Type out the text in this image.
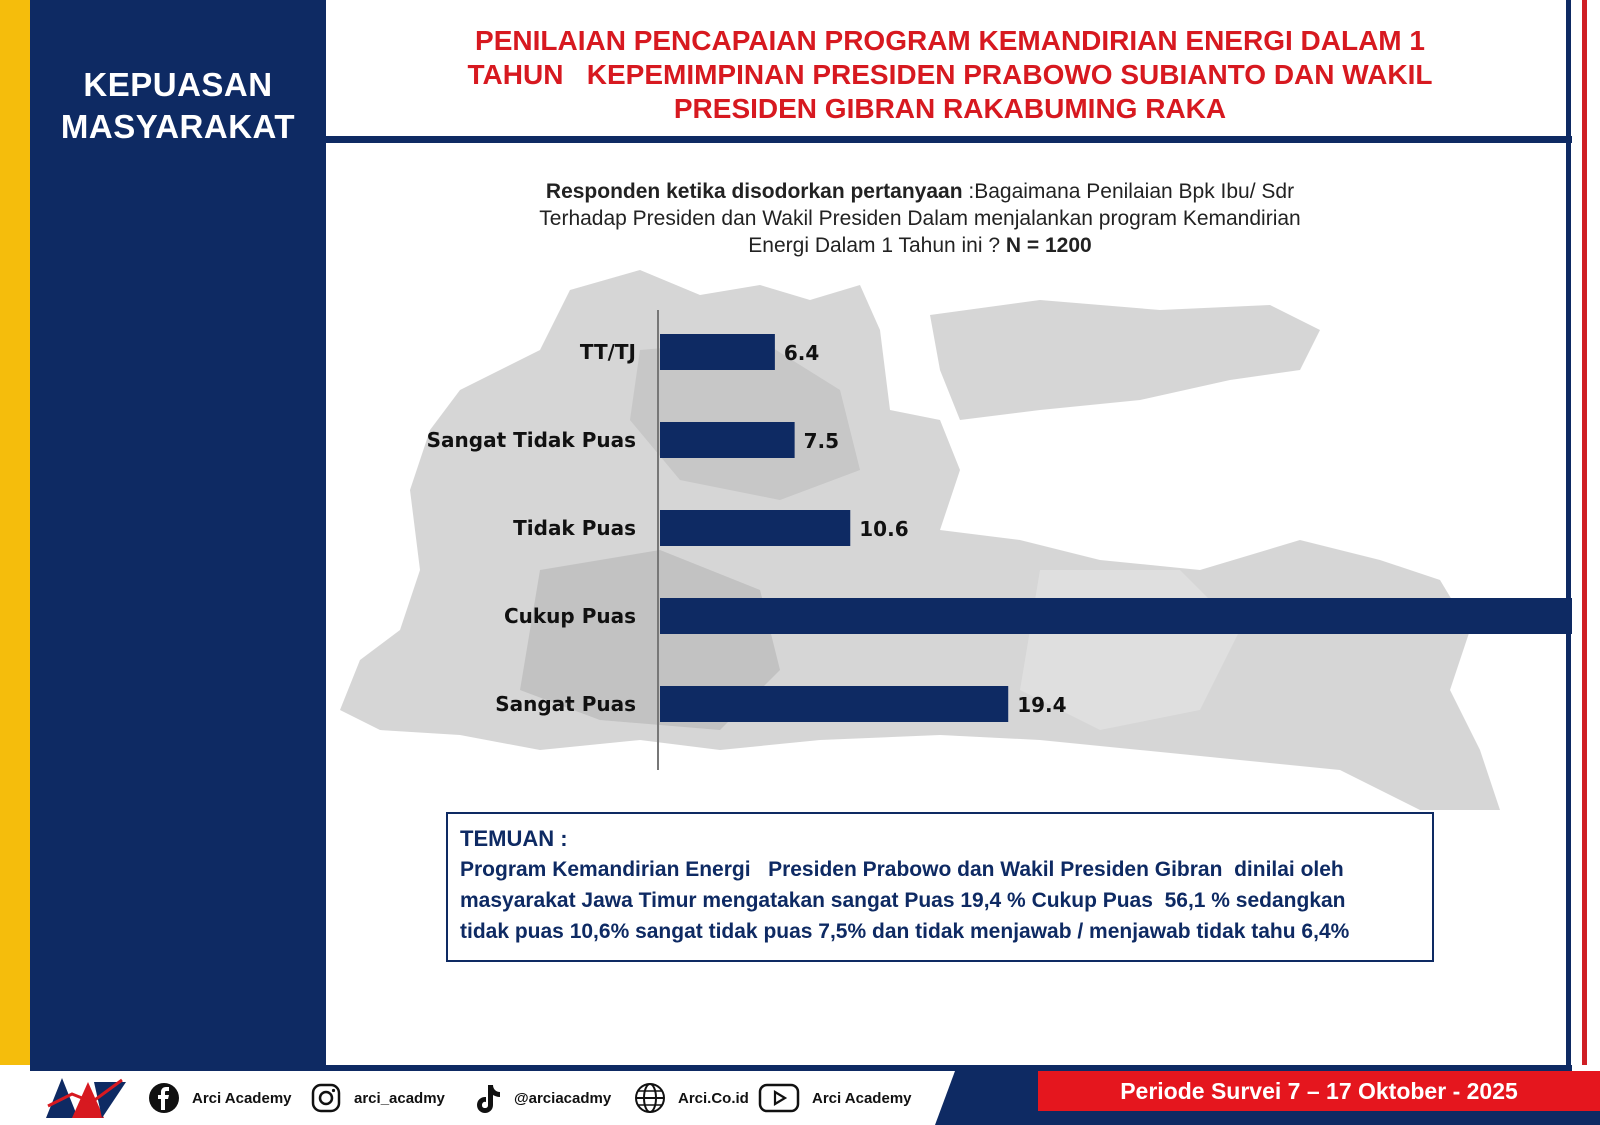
KEPUASAN
MASYARAKAT
PENILAIAN PENCAPAIAN PROGRAM KEMANDIRIAN ENERGI DALAM 1
TAHUN   KEPEMIMPINAN PRESIDEN PRABOWO SUBIANTO DAN WAKIL
PRESIDEN GIBRAN RAKABUMING RAKA
Responden ketika disodorkan pertanyaan :Bagaimana Penilaian Bpk Ibu/ Sdr
Terhadap Presiden dan Wakil Presiden Dalam menjalankan program Kemandirian
Energi Dalam 1 Tahun ini ? N = 1200
TT/TJ	6.4
Sangat Tidak Puas	7.5
Tidak Puas	10.6
Cukup Puas
Sangat Puas	19.4
TEMUAN :
Program Kemandirian Energi   Presiden Prabowo dan Wakil Presiden Gibran  dinilai oleh
masyarakat Jawa Timur mengatakan sangat Puas 19,4 % Cukup Puas  56,1 % sedangkan
tidak puas 10,6% sangat tidak puas 7,5% dan tidak menjawab / menjawab tidak tahu 6,4%
Periode Survei 7 – 17 Oktober - 2025
Arci Academy	arci_acadmy	@arciacadmy	Arci.Co.id	Arci Academy
